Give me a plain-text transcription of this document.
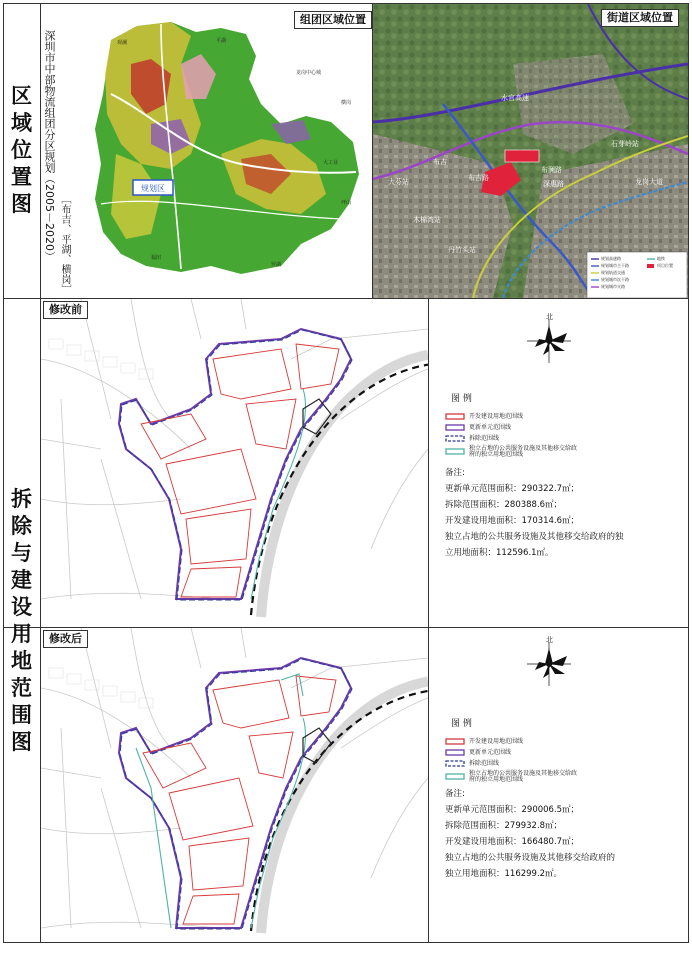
区
域
位
置
图
拆
除
与
建
设
用
地
范
围
图
深圳市中部物流组团分区规划（2005－2020） ［布吉、平湖、横岗］
规划区
观澜	平湖
龙岗中心城
横岗
大工业
坪山
罗湖
福田
组团区域位置
规划高速路
规划城市主干路
规划轨道交通
规划城市次干路
规划城市支路
地铁
项目位置
水官高速
布吉
大芬站
木棉湾站
丹竹头站
布澜路
深惠路
布吉路
石芽岭站
龙岗大道
街道区域位置
修改前
北
图 例
开发建设用地范围线
更新单元范围线
拆除范围线
独立占地的公共服务设施及其他移交给政府的独立用地范围线
备注:
更新单元范围面积：290322.7㎡；
拆除范围面积：280388.6㎡；
开发建设用地面积：170314.6㎡；
独立占地的公共服务设施及其他移交给政府的独
立用地面积：112596.1㎡。
修改后	北
图 例
开发建设用地范围线
更新单元范围线
拆除范围线
独立占地的公共服务设施及其他移交给政府的独立用地范围线
备注:
更新单元范围面积：290006.5㎡；
拆除范围面积：279932.8㎡；
开发建设用地面积：166480.7㎡；
独立占地的公共服务设施及其他移交给政府的
独立用地面积：116299.2㎡。
